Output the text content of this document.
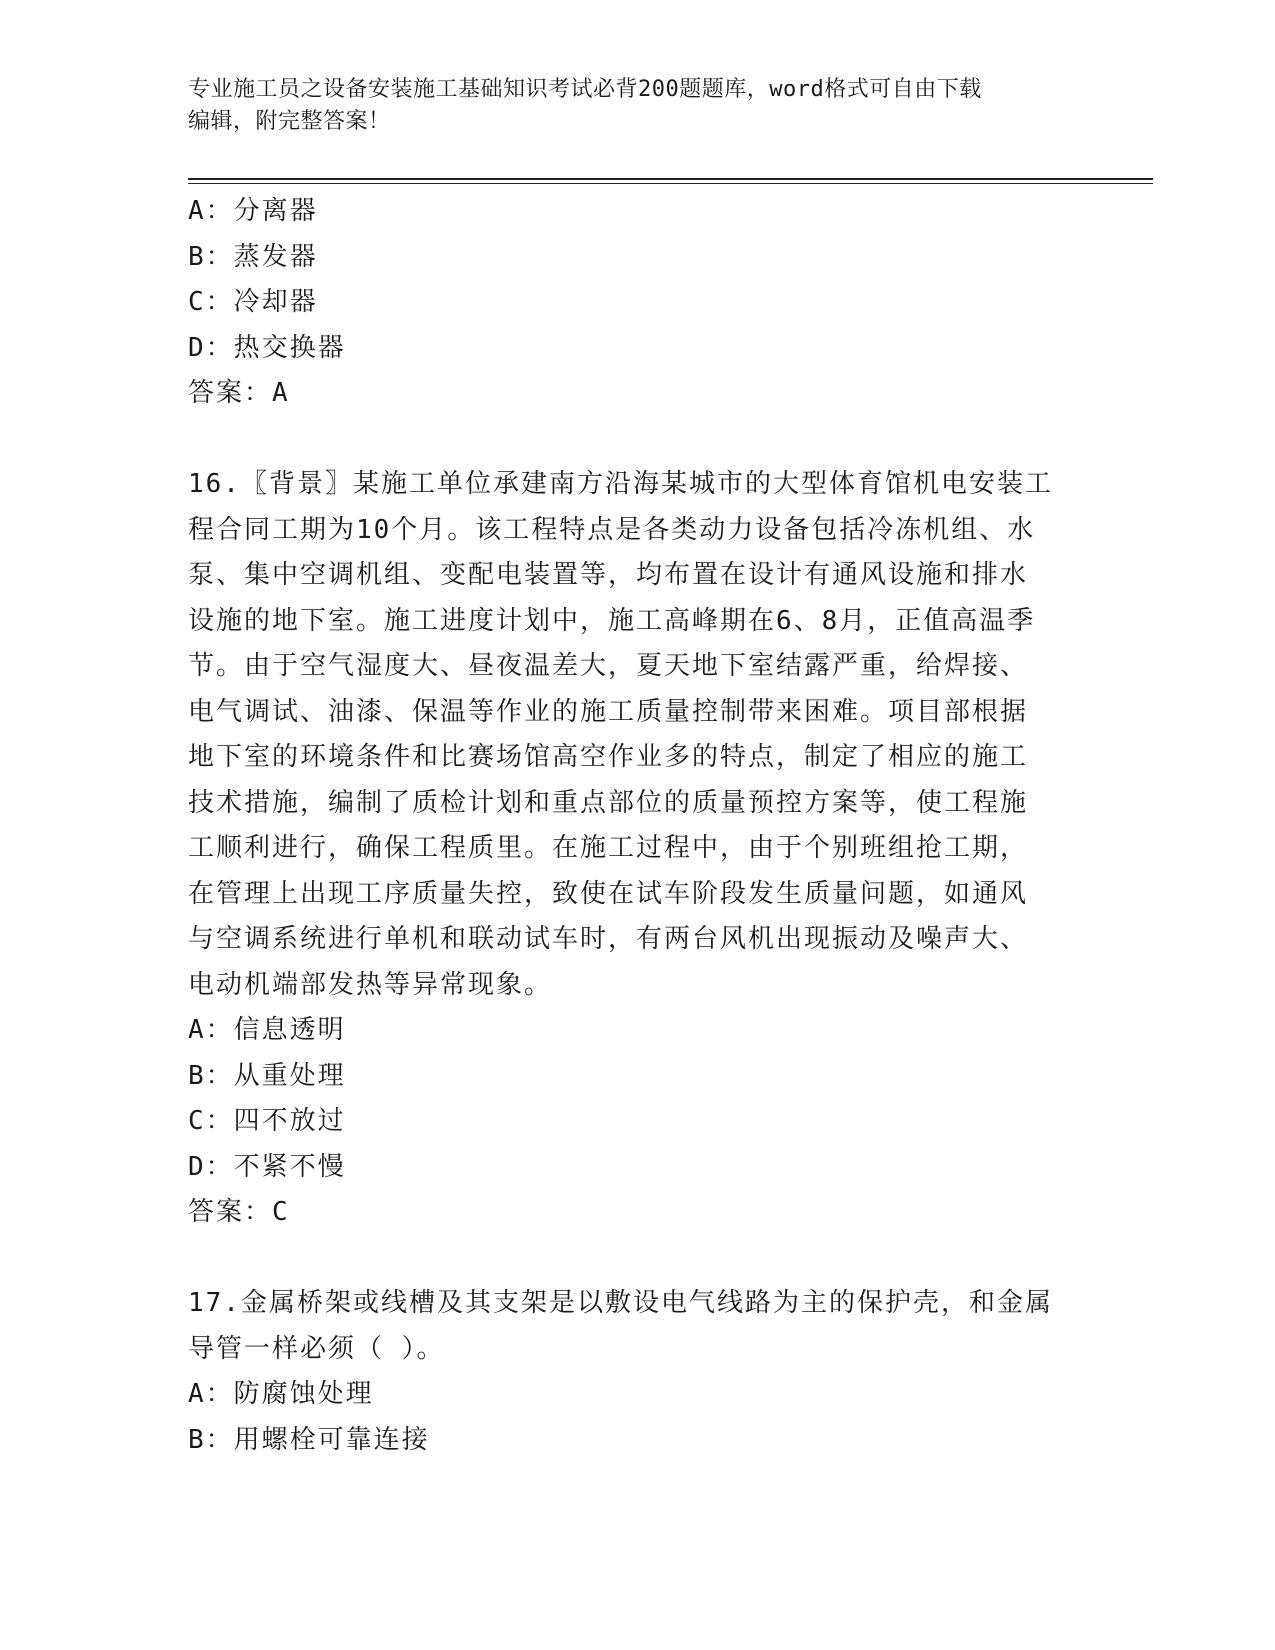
专业施工员之设备安装施工基础知识考试必背200题题库，word格式可自由下载
编辑，附完整答案！
A：分离器
B：蒸发器
C：冷却器
D：热交换器
答案：A
16.〖背景〗某施工单位承建南方沿海某城市的大型体育馆机电安装工
程合同工期为10个月。该工程特点是各类动力设备包括冷冻机组、水
泵、集中空调机组、变配电装置等，均布置在设计有通风设施和排水
设施的地下室。施工进度计划中，施工高峰期在6、8月，正值高温季
节。由于空气湿度大、昼夜温差大，夏天地下室结露严重，给焊接、
电气调试、油漆、保温等作业的施工质量控制带来困难。项目部根据
地下室的环境条件和比赛场馆高空作业多的特点，制定了相应的施工
技术措施，编制了质检计划和重点部位的质量预控方案等，使工程施
工顺利进行，确保工程质里。在施工过程中，由于个别班组抢工期，
在管理上出现工序质量失控，致使在试车阶段发生质量问题，如通风
与空调系统进行单机和联动试车时，有两台风机出现振动及噪声大、
电动机端部发热等异常现象。
A：信息透明
B：从重处理
C：四不放过
D：不紧不慢
答案：C
17.金属桥架或线槽及其支架是以敷设电气线路为主的保护壳，和金属
导管一样必须（ ）。
A：防腐蚀处理
B：用螺栓可靠连接
